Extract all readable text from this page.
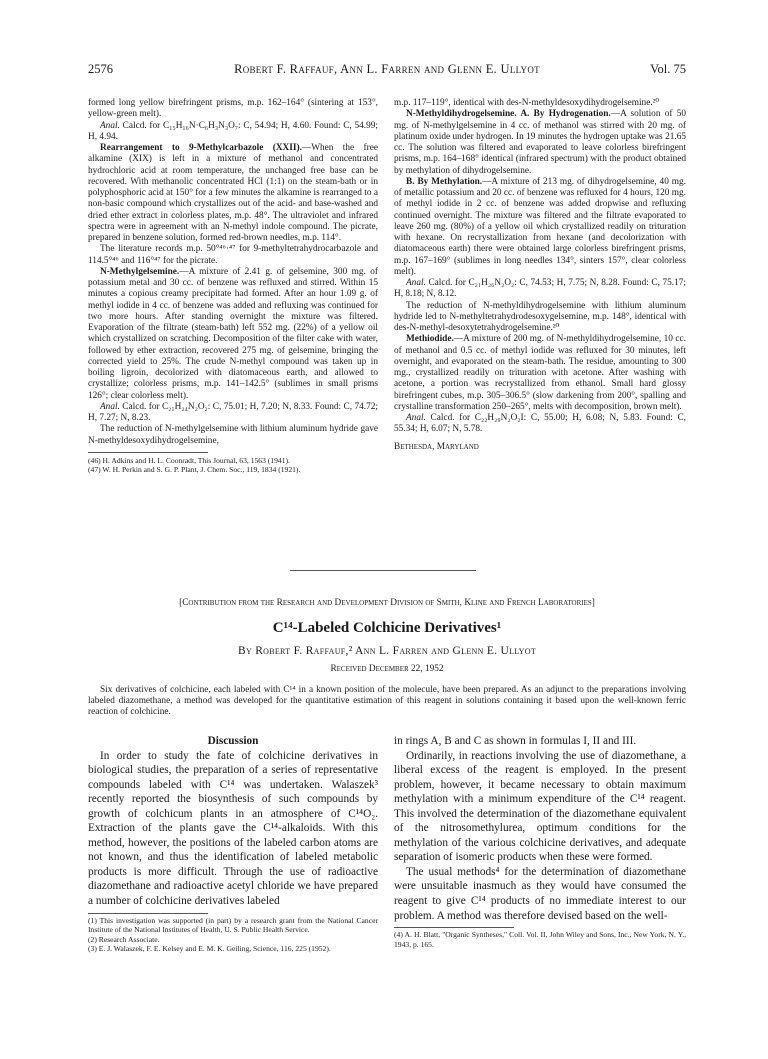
2576	Robert F. Raffauf, Ann L. Farren and Glenn E. Ullyot	Vol. 75

formed long yellow birefringent prisms, m.p. 162–164° (sintering at 153°, yellow-green melt).

Anal. Calcd. for C₁₅H₁₆N·C₆H₃N₃O₇: C, 54.94; H, 4.60. Found: C, 54.99; H, 4.94.

Rearrangement to 9-Methylcarbazole (XXII).—When the free alkamine (XIX) is left in a mixture of methanol and concentrated hydrochloric acid at room temperature, the unchanged free base can be recovered. With methanolic concentrated HCl (1:1) on the steam-bath or in polyphosphoric acid at 150° for a few minutes the alkamine is rearranged to a non-basic compound which crystallizes out of the acid- and base-washed and dried ether extract in colorless plates, m.p. 48°. The ultraviolet and infrared spectra were in agreement with an N-methyl indole compound. The picrate, prepared in benzene solution, formed red-brown needles, m.p. 114°.

The literature records m.p. 50°⁴⁶·⁴⁷ for 9-methyltetrahydrocarbazole and 114.5°⁴⁶ and 116°⁴⁷ for the picrate.

N-Methylgelsemine.—A mixture of 2.41 g. of gelsemine, 300 mg. of potassium metal and 30 cc. of benzene was refluxed and stirred. Within 15 minutes a copious creamy precipitate had formed. After an hour 1.09 g. of methyl iodide in 4 cc. of benzene was added and refluxing was continued for two more hours. After standing overnight the mixture was filtered. Evaporation of the filtrate (steam-bath) left 552 mg. (22%) of a yellow oil which crystallized on scratching. Decomposition of the filter cake with water, followed by ether extraction, recovered 275 mg. of gelsemine, bringing the corrected yield to 25%. The crude N-methyl compound was taken up in boiling ligroin, decolorized with diatomaceous earth, and allowed to crystallize; colorless prisms, m.p. 141–142.5° (sublimes in small prisms 126°; clear colorless melt).

Anal. Calcd. for C₂₁H₂₄N₂O₂: C, 75.01; H, 7.20; N, 8.33. Found: C, 74.72; H, 7.27; N, 8.23.

The reduction of N-methylgelsemine with lithium aluminum hydride gave N-methyldesoxydihydrogelsemine,

(46) H. Adkins and H. L. Coonradt, This Journal, 63, 1563 (1941).

(47) W. H. Perkin and S. G. P. Plant, J. Chem. Soc., 119, 1834 (1921).

m.p. 117–119°, identical with des-N-methyldesoxydihydrogelsemine.²⁰

N-Methyldihydrogelsemine. A. By Hydrogenation.—A solution of 50 mg. of N-methylgelsemine in 4 cc. of methanol was stirred with 20 mg. of platinum oxide under hydrogen. In 19 minutes the hydrogen uptake was 21.65 cc. The solution was filtered and evaporated to leave colorless birefringent prisms, m.p. 164–168° identical (infrared spectrum) with the product obtained by methylation of dihydrogelsemine.

B. By Methylation.—A mixture of 213 mg. of dihydrogelsemine, 40 mg. of metallic potassium and 20 cc. of benzene was refluxed for 4 hours, 120 mg. of methyl iodide in 2 cc. of benzene was added dropwise and refluxing continued overnight. The mixture was filtered and the filtrate evaporated to leave 260 mg. (80%) of a yellow oil which crystallized readily on trituration with hexane. On recrystallization from hexane (and decolorization with diatomaceous earth) there were obtained large colorless birefringent prisms, m.p. 167–169° (sublimes in long needles 134°, sinters 157°, clear colorless melt).

Anal. Calcd. for C₂₁H₂₆N₂O₂: C, 74.53; H, 7.75; N, 8.28. Found: C, 75.17; H, 8.18; N, 8.12.

The reduction of N-methyldihydrogelsemine with lithium aluminum hydride led to N-methyltetrahydrodesoxygelsemine, m.p. 148°, identical with des-N-methyl-desoxytetrahydrogelsemine.²⁰

Methiodide.—A mixture of 200 mg. of N-methyldihydrogelsemine, 10 cc. of methanol and 0.5 cc. of methyl iodide was refluxed for 30 minutes, left overnight, and evaporated on the steam-bath. The residue, amounting to 300 mg., crystallized readily on trituration with acetone. After washing with acetone, a portion was recrystallized from ethanol. Small hard glossy birefringent cubes, m.p. 305–306.5° (slow darkening from 200°, spalling and crystalline transformation 250–265°, melts with decomposition, brown melt).

Anal. Calcd. for C₂₂H₂₉N₂O₂I: C, 55.00; H, 6.08; N, 5.83. Found: C, 55.34; H, 6.07; N, 5.78.

Bethesda, Maryland

[Contribution from the Research and Development Division of Smith, Kline and French Laboratories]
C¹⁴-Labeled Colchicine Derivatives¹
By Robert F. Raffauf,² Ann L. Farren and Glenn E. Ullyot
Received December 22, 1952

Six derivatives of colchicine, each labeled with C¹⁴ in a known position of the molecule, have been prepared. As an adjunct to the preparations involving labeled diazomethane, a method was developed for the quantitative estimation of this reagent in solutions containing it based upon the well-known ferric reaction of colchicine.

Discussion

In order to study the fate of colchicine derivatives in biological studies, the preparation of a series of representative compounds labeled with C¹⁴ was undertaken. Walaszek³ recently reported the biosynthesis of such compounds by growth of colchicum plants in an atmosphere of C¹⁴O₂. Extraction of the plants gave the C¹⁴-alkaloids. With this method, however, the positions of the labeled carbon atoms are not known, and thus the identification of labeled metabolic products is more difficult. Through the use of radioactive diazomethane and radioactive acetyl chloride we have prepared a number of colchicine derivatives labeled

(1) This investigation was supported (in part) by a research grant from the National Cancer Institute of the National Institutes of Health, U. S. Public Health Service.

(2) Research Associate.

(3) E. J. Walaszek, F. E. Kelsey and E. M. K. Geiling, Science, 116, 225 (1952).

in rings A, B and C as shown in formulas I, II and III.

Ordinarily, in reactions involving the use of diazomethane, a liberal excess of the reagent is employed. In the present problem, however, it became necessary to obtain maximum methylation with a minimum expenditure of the C¹⁴ reagent. This involved the determination of the diazomethane equivalent of the nitrosomethylurea, optimum conditions for the methylation of the various colchicine derivatives, and adequate separation of isomeric products when these were formed.

The usual methods⁴ for the determination of diazomethane were unsuitable inasmuch as they would have consumed the reagent to give C¹⁴ products of no immediate interest to our problem. A method was therefore devised based on the well-

(4) A. H. Blatt, "Organic Syntheses," Coll. Vol. II, John Wiley and Sons, Inc., New York, N. Y., 1943, p. 165.
